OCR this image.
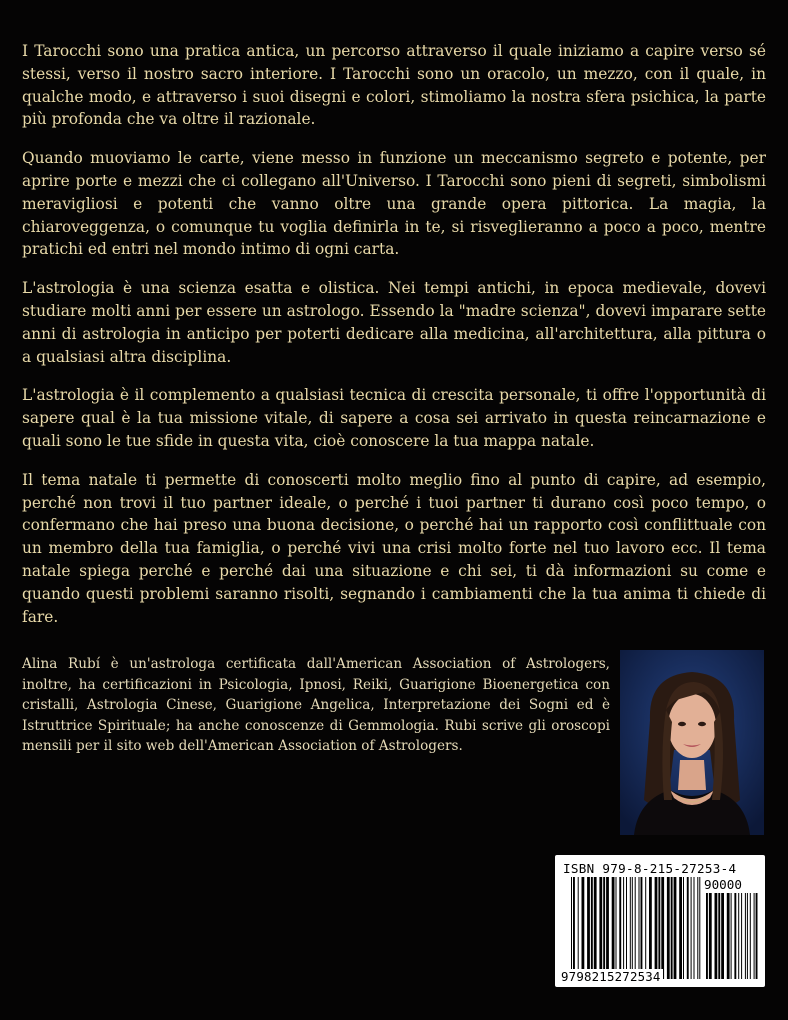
I Tarocchi sono una pratica antica, un percorso attraverso il quale iniziamo a capire verso sé stessi, verso il nostro sacro interiore. I Tarocchi sono un oracolo, un mezzo, con il quale, in qualche modo, e attraverso i suoi disegni e colori, stimoliamo la nostra sfera psichica, la parte più profonda che va oltre il razionale.

Quando muoviamo le carte, viene messo in funzione un meccanismo segreto e potente, per aprire porte e mezzi che ci collegano all'Universo. I Tarocchi sono pieni di segreti, simbolismi meravigliosi e potenti che vanno oltre una grande opera pittorica. La magia, la chiaroveggenza, o comunque tu voglia definirla in te, si risveglieranno a poco a poco, mentre pratichi ed entri nel mondo intimo di ogni carta.

L'astrologia è una scienza esatta e olistica. Nei tempi antichi, in epoca medievale, dovevi studiare molti anni per essere un astrologo. Essendo la "madre scienza", dovevi imparare sette anni di astrologia in anticipo per poterti dedicare alla medicina, all'architettura, alla pittura o a qualsiasi altra disciplina.

L'astrologia è il complemento a qualsiasi tecnica di crescita personale, ti offre l'opportunità di sapere qual è la tua missione vitale, di sapere a cosa sei arrivato in questa reincarnazione e quali sono le tue sfide in questa vita, cioè conoscere la tua mappa natale.

Il tema natale ti permette di conoscerti molto meglio fino al punto di capire, ad esempio, perché non trovi il tuo partner ideale, o perché i tuoi partner ti durano così poco tempo, o confermano che hai preso una buona decisione, o perché hai un rapporto così conflittuale con un membro della tua famiglia, o perché vivi una crisi molto forte nel tuo lavoro ecc. Il tema natale spiega perché e perché dai una situazione e chi sei, ti dà informazioni su come e quando questi problemi saranno risolti, segnando i cambiamenti che la tua anima ti chiede di fare.

Alina Rubí è un'astrologa certificata dall'American Association of Astrologers, inoltre, ha certificazioni in Psicologia, Ipnosi, Reiki, Guarigione Bioenergetica con cristalli, Astrologia Cinese, Guarigione Angelica, Interpretazione dei Sogni ed è Istruttrice Spirituale; ha anche conoscenze di Gemmologia. Rubi scrive gli oroscopi mensili per il sito web dell'American Association of Astrologers.

ISBN 979-8-215-27253-4
90000
9798215272534
